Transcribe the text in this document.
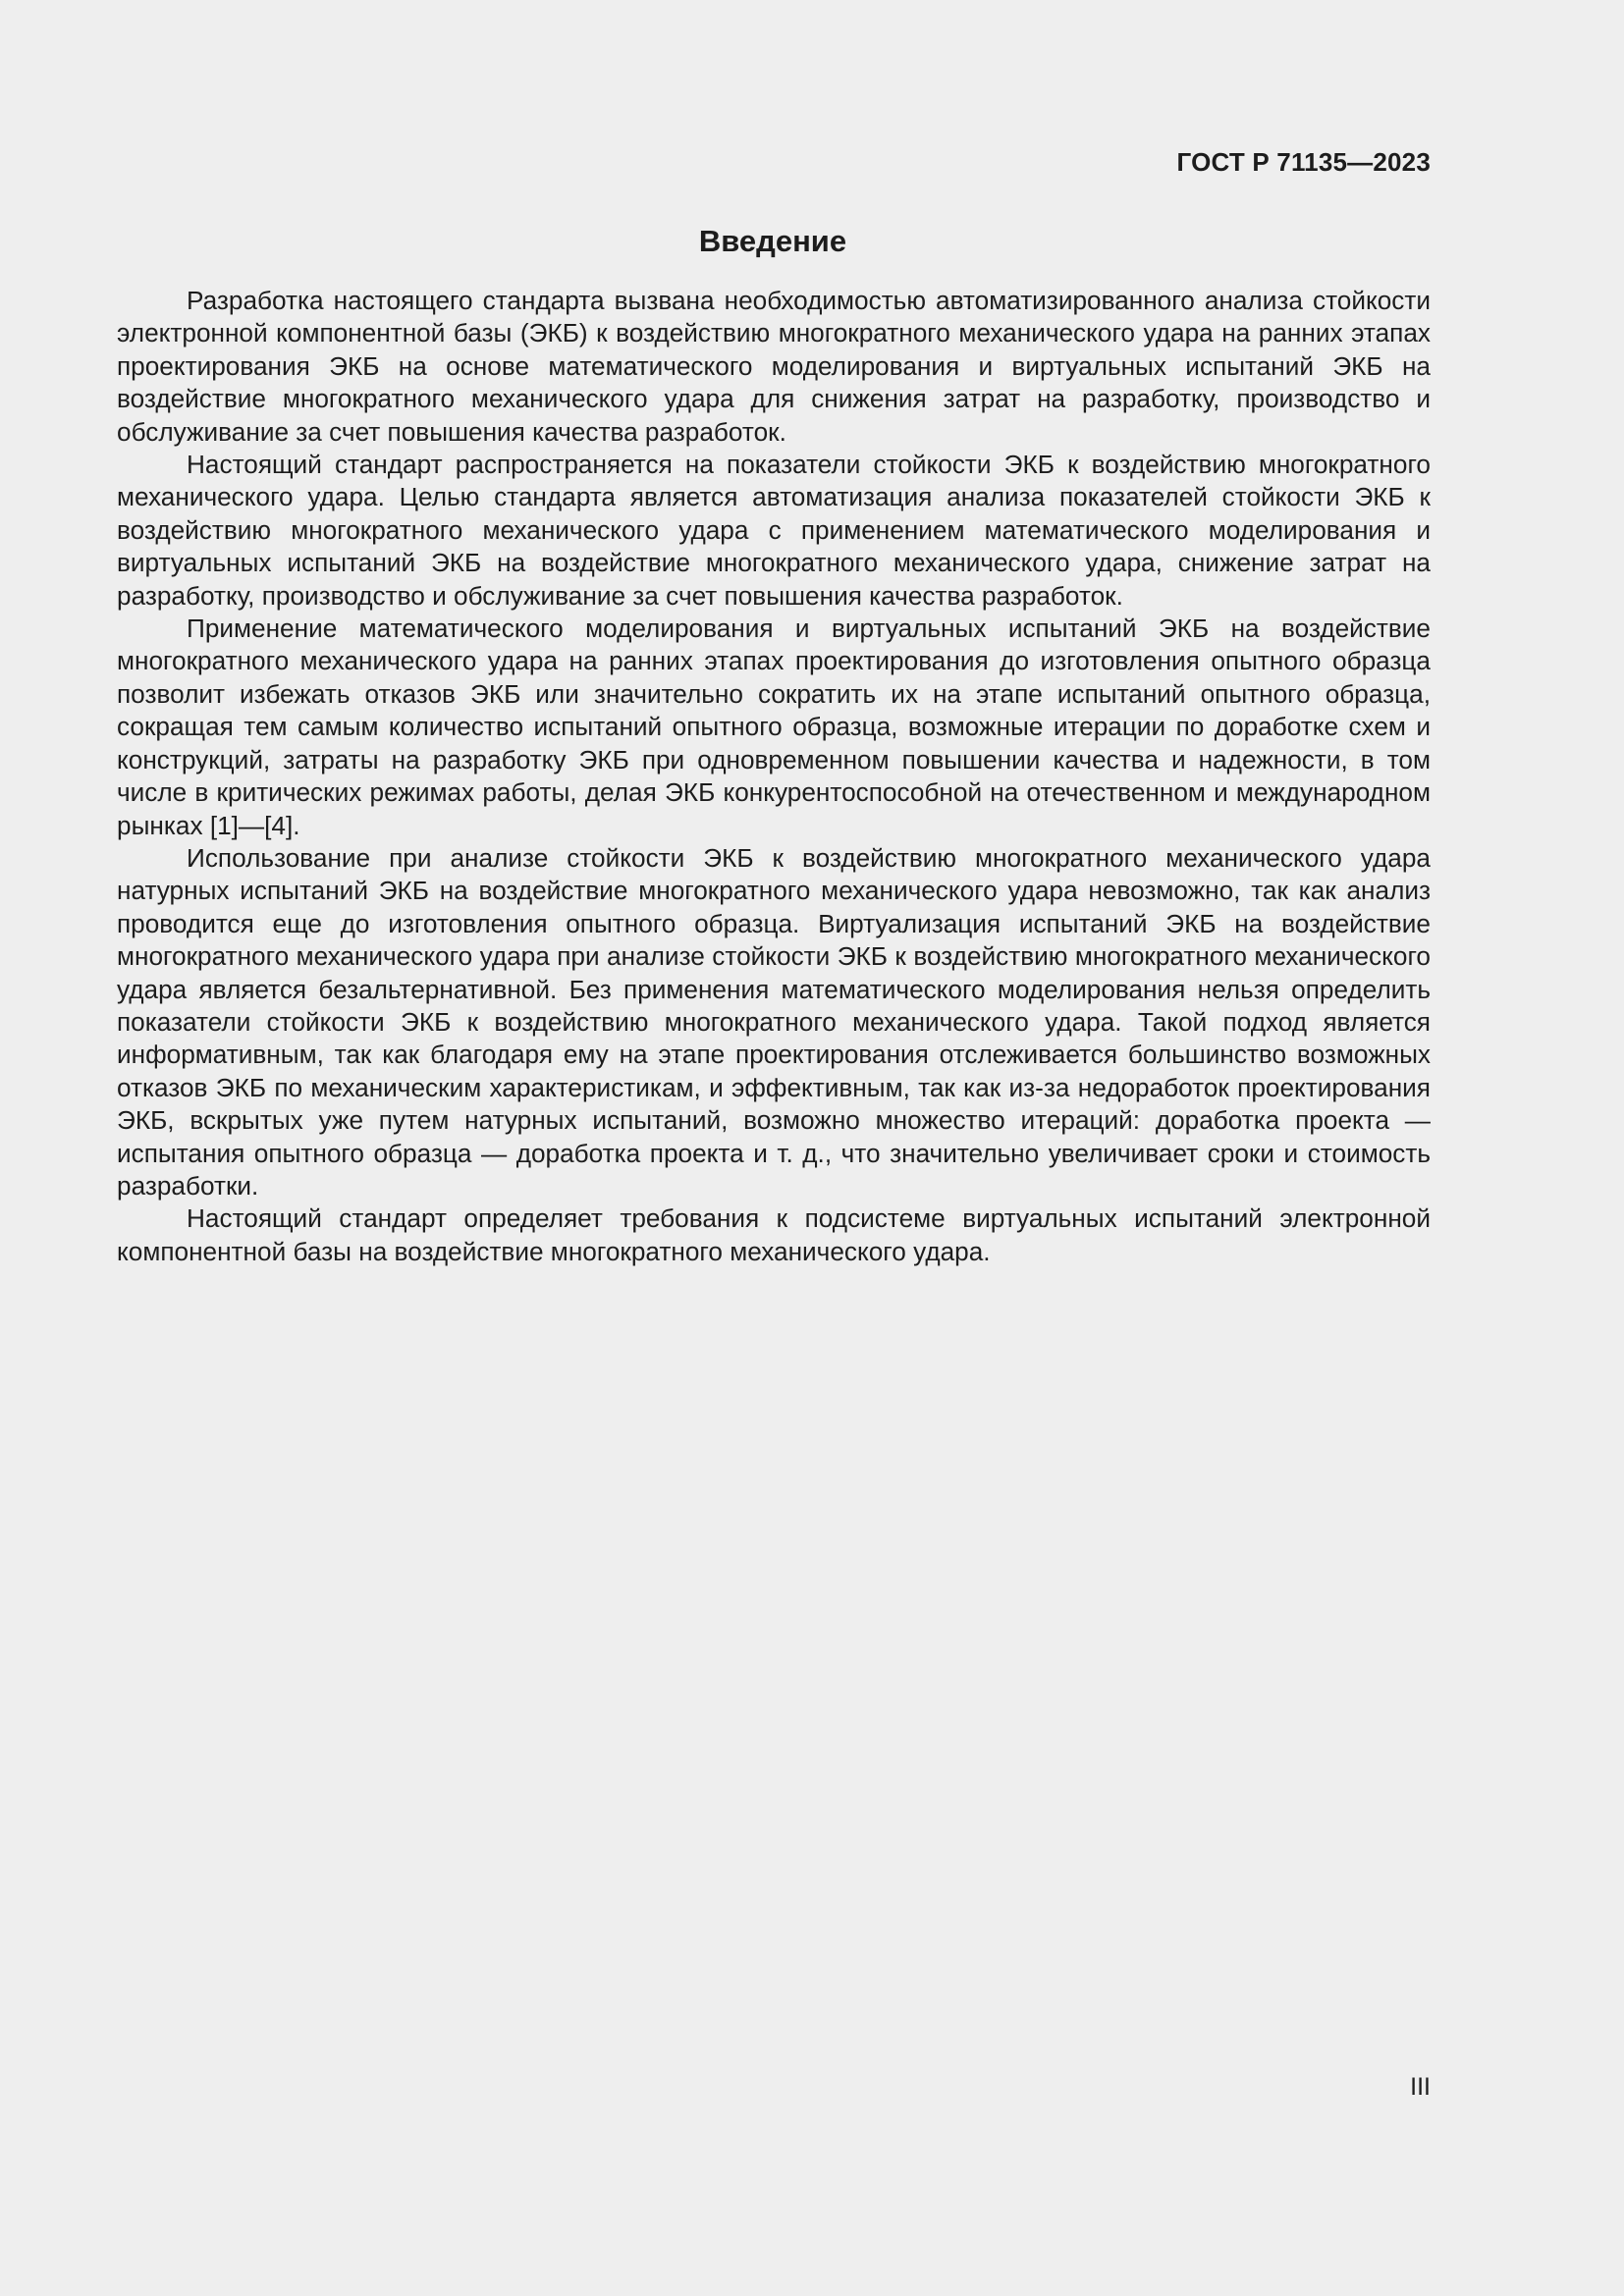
ГОСТ Р 71135—2023
Введение

Разработка настоящего стандарта вызвана необходимостью автоматизированного анализа стойкости электронной компонентной базы (ЭКБ) к воздействию многократного механического удара на ранних этапах проектирования ЭКБ на основе математического моделирования и виртуальных испытаний ЭКБ на воздействие многократного механического удара для снижения затрат на разработку, производство и обслуживание за счет повышения качества разработок.

Настоящий стандарт распространяется на показатели стойкости ЭКБ к воздействию многократного механического удара. Целью стандарта является автоматизация анализа показателей стойкости ЭКБ к воздействию многократного механического удара с применением математического моделирования и виртуальных испытаний ЭКБ на воздействие многократного механического удара, снижение затрат на разработку, производство и обслуживание за счет повышения качества разработок.

Применение математического моделирования и виртуальных испытаний ЭКБ на воздействие многократного механического удара на ранних этапах проектирования до изготовления опытного образца позволит избежать отказов ЭКБ или значительно сократить их на этапе испытаний опытного образца, сокращая тем самым количество испытаний опытного образца, возможные итерации по доработке схем и конструкций, затраты на разработку ЭКБ при одновременном повышении качества и надежности, в том числе в критических режимах работы, делая ЭКБ конкурентоспособной на отечественном и международном рынках [1]—[4].

Использование при анализе стойкости ЭКБ к воздействию многократного механического удара натурных испытаний ЭКБ на воздействие многократного механического удара невозможно, так как анализ проводится еще до изготовления опытного образца. Виртуализация испытаний ЭКБ на воздействие многократного механического удара при анализе стойкости ЭКБ к воздействию многократного механического удара является безальтернативной. Без применения математического моделирования нельзя определить показатели стойкости ЭКБ к воздействию многократного механического удара. Такой подход является информативным, так как благодаря ему на этапе проектирования отслеживается большинство возможных отказов ЭКБ по механическим характеристикам, и эффективным, так как из-за недоработок проектирования ЭКБ, вскрытых уже путем натурных испытаний, возможно множество итераций: доработка проекта — испытания опытного образца — доработка проекта и т. д., что значительно увеличивает сроки и стоимость разработки.

Настоящий стандарт определяет требования к подсистеме виртуальных испытаний электронной компонентной базы на воздействие многократного механического удара.

III
